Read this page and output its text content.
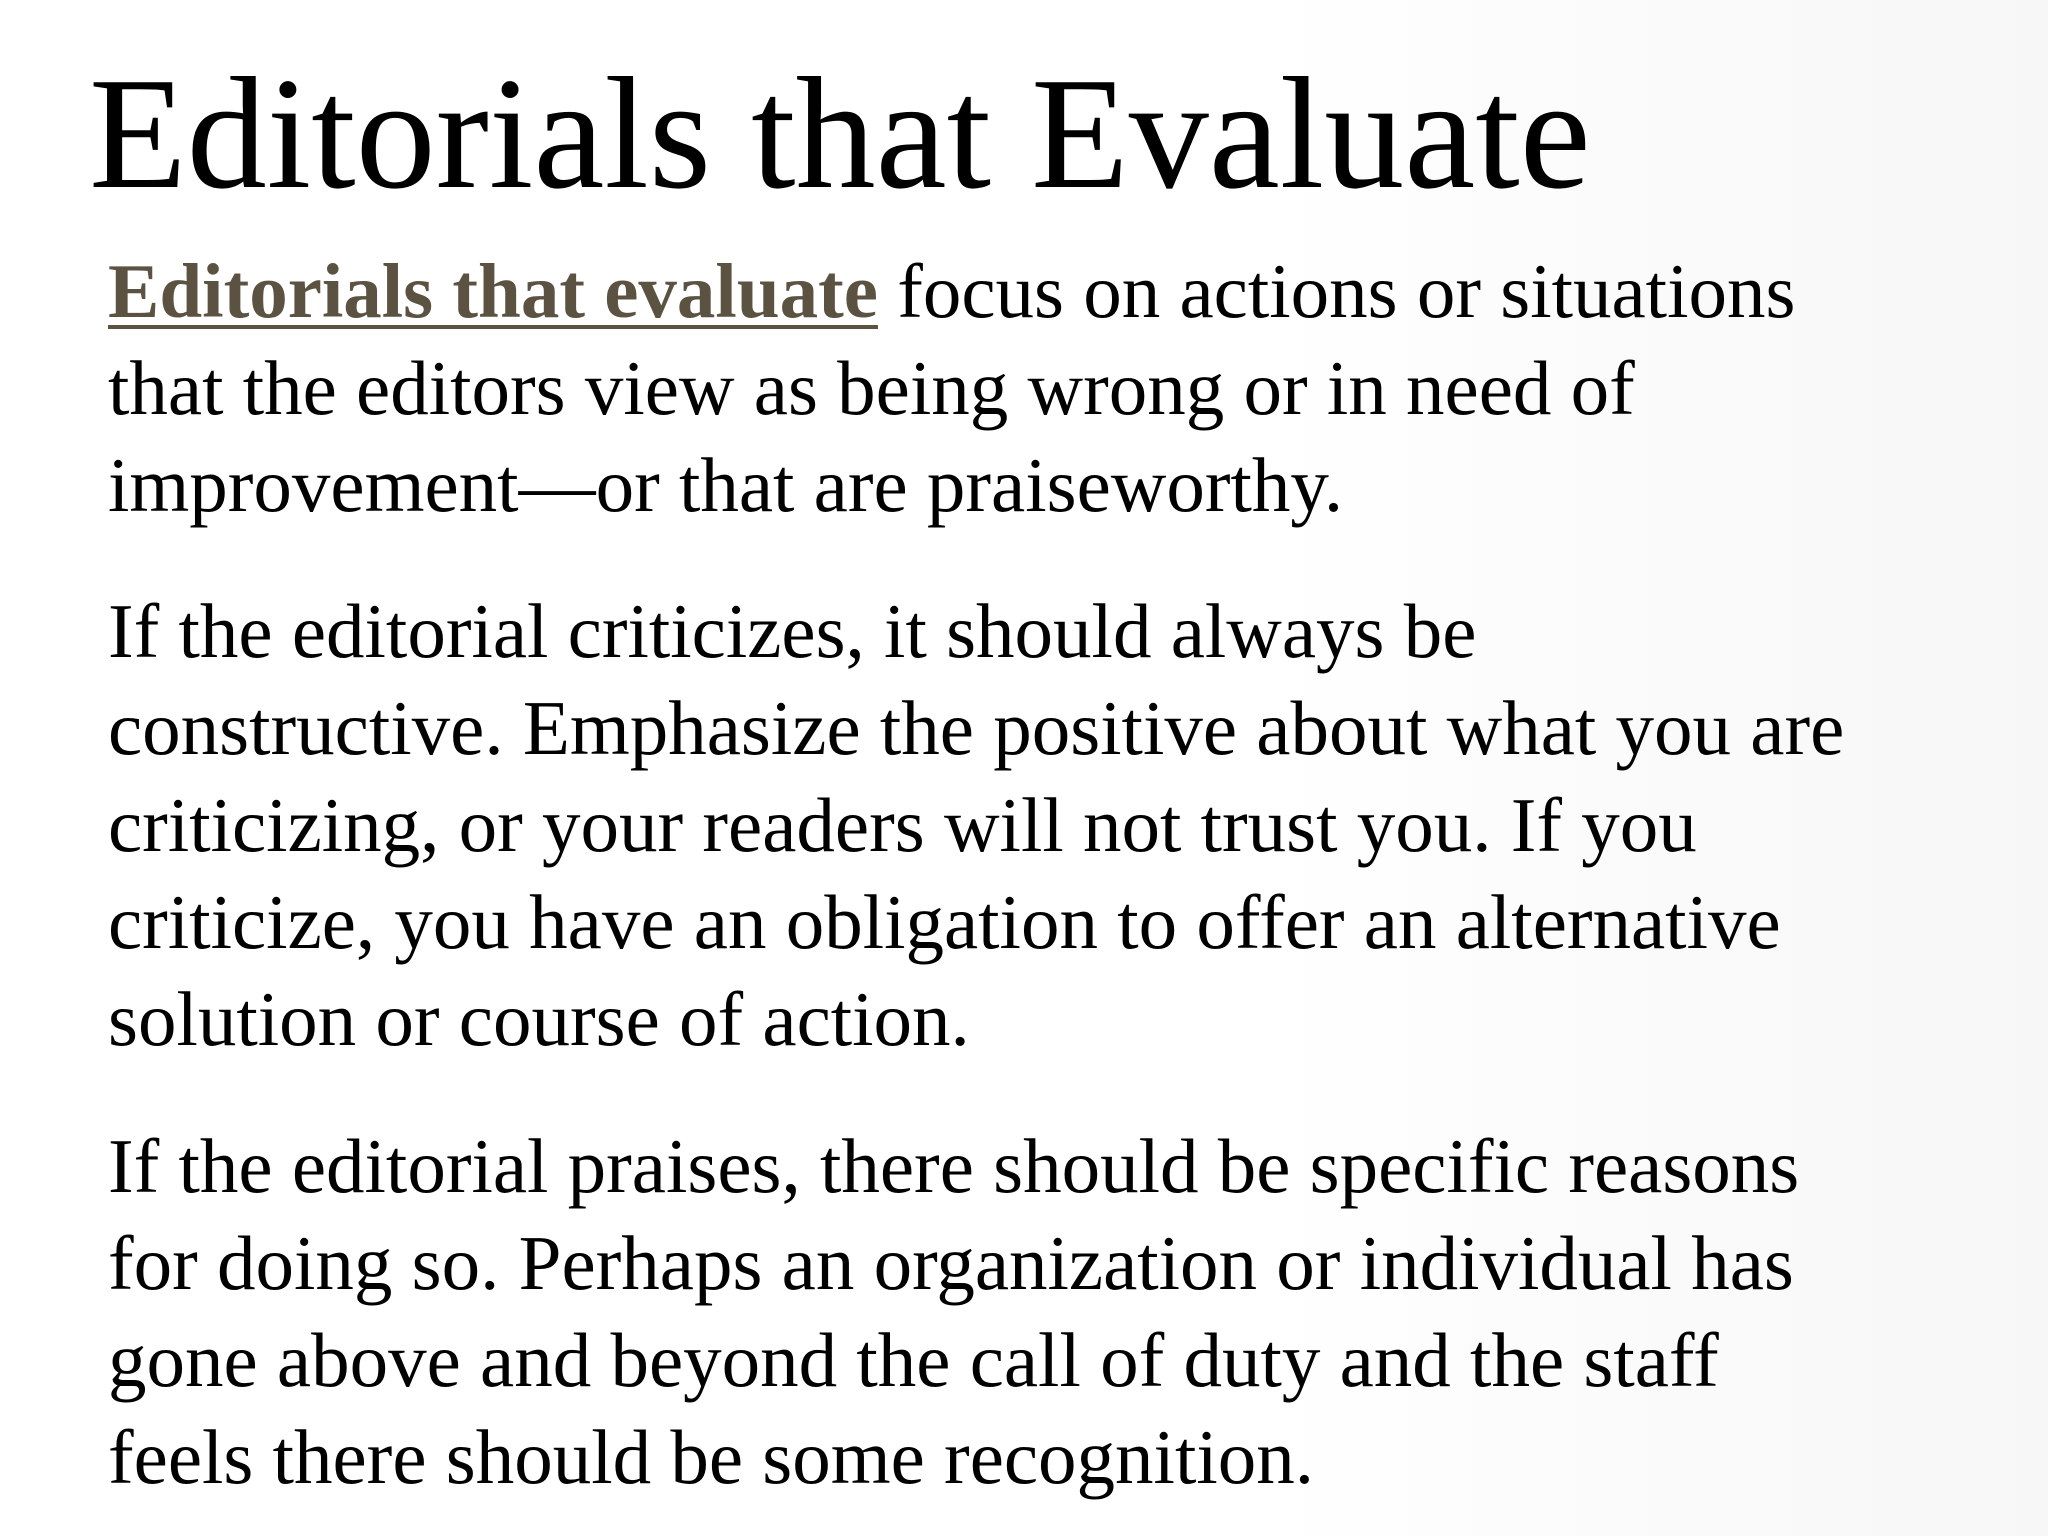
Editorials that Evaluate

Editorials that evaluate focus on actions or situations
that the editors view as being wrong or in need of
improvement—or that are praiseworthy.

If the editorial criticizes, it should always be
constructive. Emphasize the positive about what you are
criticizing, or your readers will not trust you. If you
criticize, you have an obligation to offer an alternative
solution or course of action.

If the editorial praises, there should be specific reasons
for doing so. Perhaps an organization or individual has
gone above and beyond the call of duty and the staff
feels there should be some recognition.
